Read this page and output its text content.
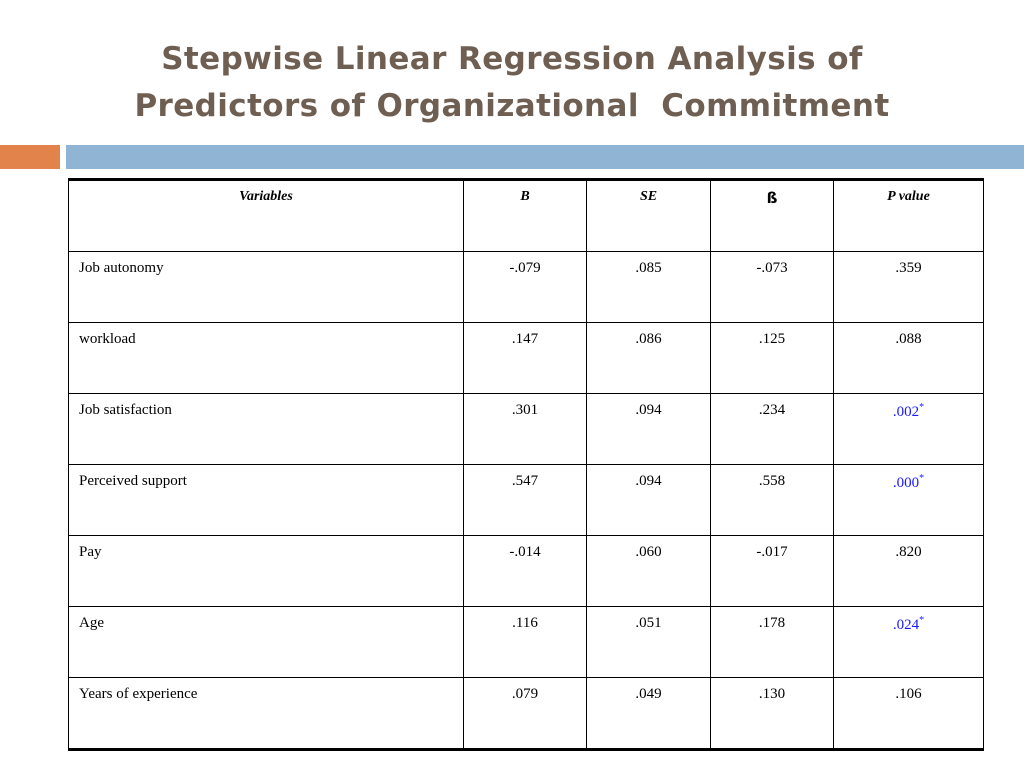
Stepwise Linear Regression Analysis of
Predictors of Organizational  Commitment
Variables	B	SE	ß	P value
Job autonomy	-.079	.085	-.073	.359
workload	.147	.086	.125	.088
Job satisfaction	.301	.094	.234	.002*
Perceived support	.547	.094	.558	.000*
Pay	-.014	.060	-.017	.820
Age	.116	.051	.178	.024*
Years of experience	.079	.049	.130	.106
